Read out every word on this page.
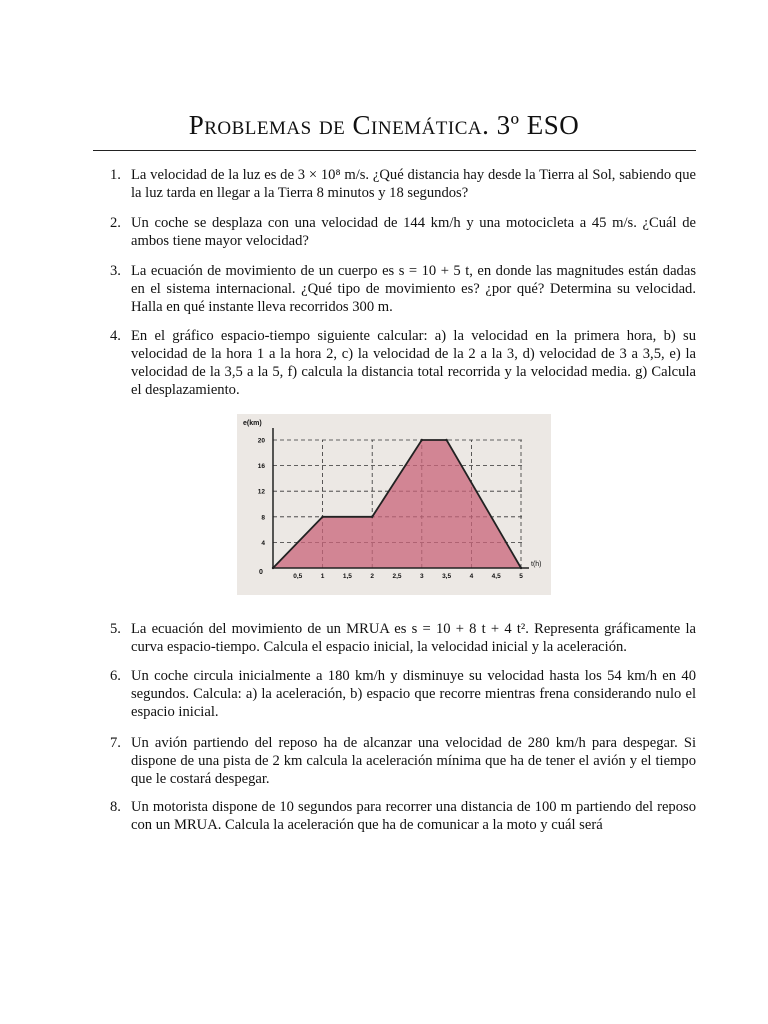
Problemas de Cinemática. 3º ESO
1. La velocidad de la luz es de 3 × 10⁸ m/s. ¿Qué distancia hay desde la Tierra al Sol, sabiendo que la luz tarda en llegar a la Tierra 8 minutos y 18 segundos?
2. Un coche se desplaza con una velocidad de 144 km/h y una motocicleta a 45 m/s. ¿Cuál de ambos tiene mayor velocidad?
3. La ecuación de movimiento de un cuerpo es s = 10 + 5 t, en donde las magnitudes están dadas en el sistema internacional. ¿Qué tipo de movimiento es? ¿por qué? Determina su velocidad. Halla en qué instante lleva recorridos 300 m.
4. En el gráfico espacio-tiempo siguiente calcular: a) la velocidad en la primera hora, b) su velocidad de la hora 1 a la hora 2, c) la velocidad de la 2 a la 3, d) velocidad de 3 a 3,5, e) la velocidad de la 3,5 a la 5, f) calcula la distancia total recorrida y la velocidad media. g) Calcula el desplazamiento.
e(km)
t(h)
0
4
8
12
16
20
0,5	1	1,5	2	2,5	3	3,5	4	4,5	5
5. La ecuación del movimiento de un MRUA es s = 10 + 8 t + 4 t². Representa gráficamente la curva espacio-tiempo. Calcula el espacio inicial, la velocidad inicial y la aceleración.
6. Un coche circula inicialmente a 180 km/h y disminuye su velocidad hasta los 54 km/h en 40 segundos. Calcula: a) la aceleración, b) espacio que recorre mientras frena considerando nulo el espacio inicial.
7. Un avión partiendo del reposo ha de alcanzar una velocidad de 280 km/h para despegar. Si dispone de una pista de 2 km calcula la aceleración mínima que ha de tener el avión y el tiempo que le costará despegar.
8. Un motorista dispone de 10 segundos para recorrer una distancia de 100 m partiendo del reposo con un MRUA. Calcula la aceleración que ha de comunicar a la moto y cuál será
